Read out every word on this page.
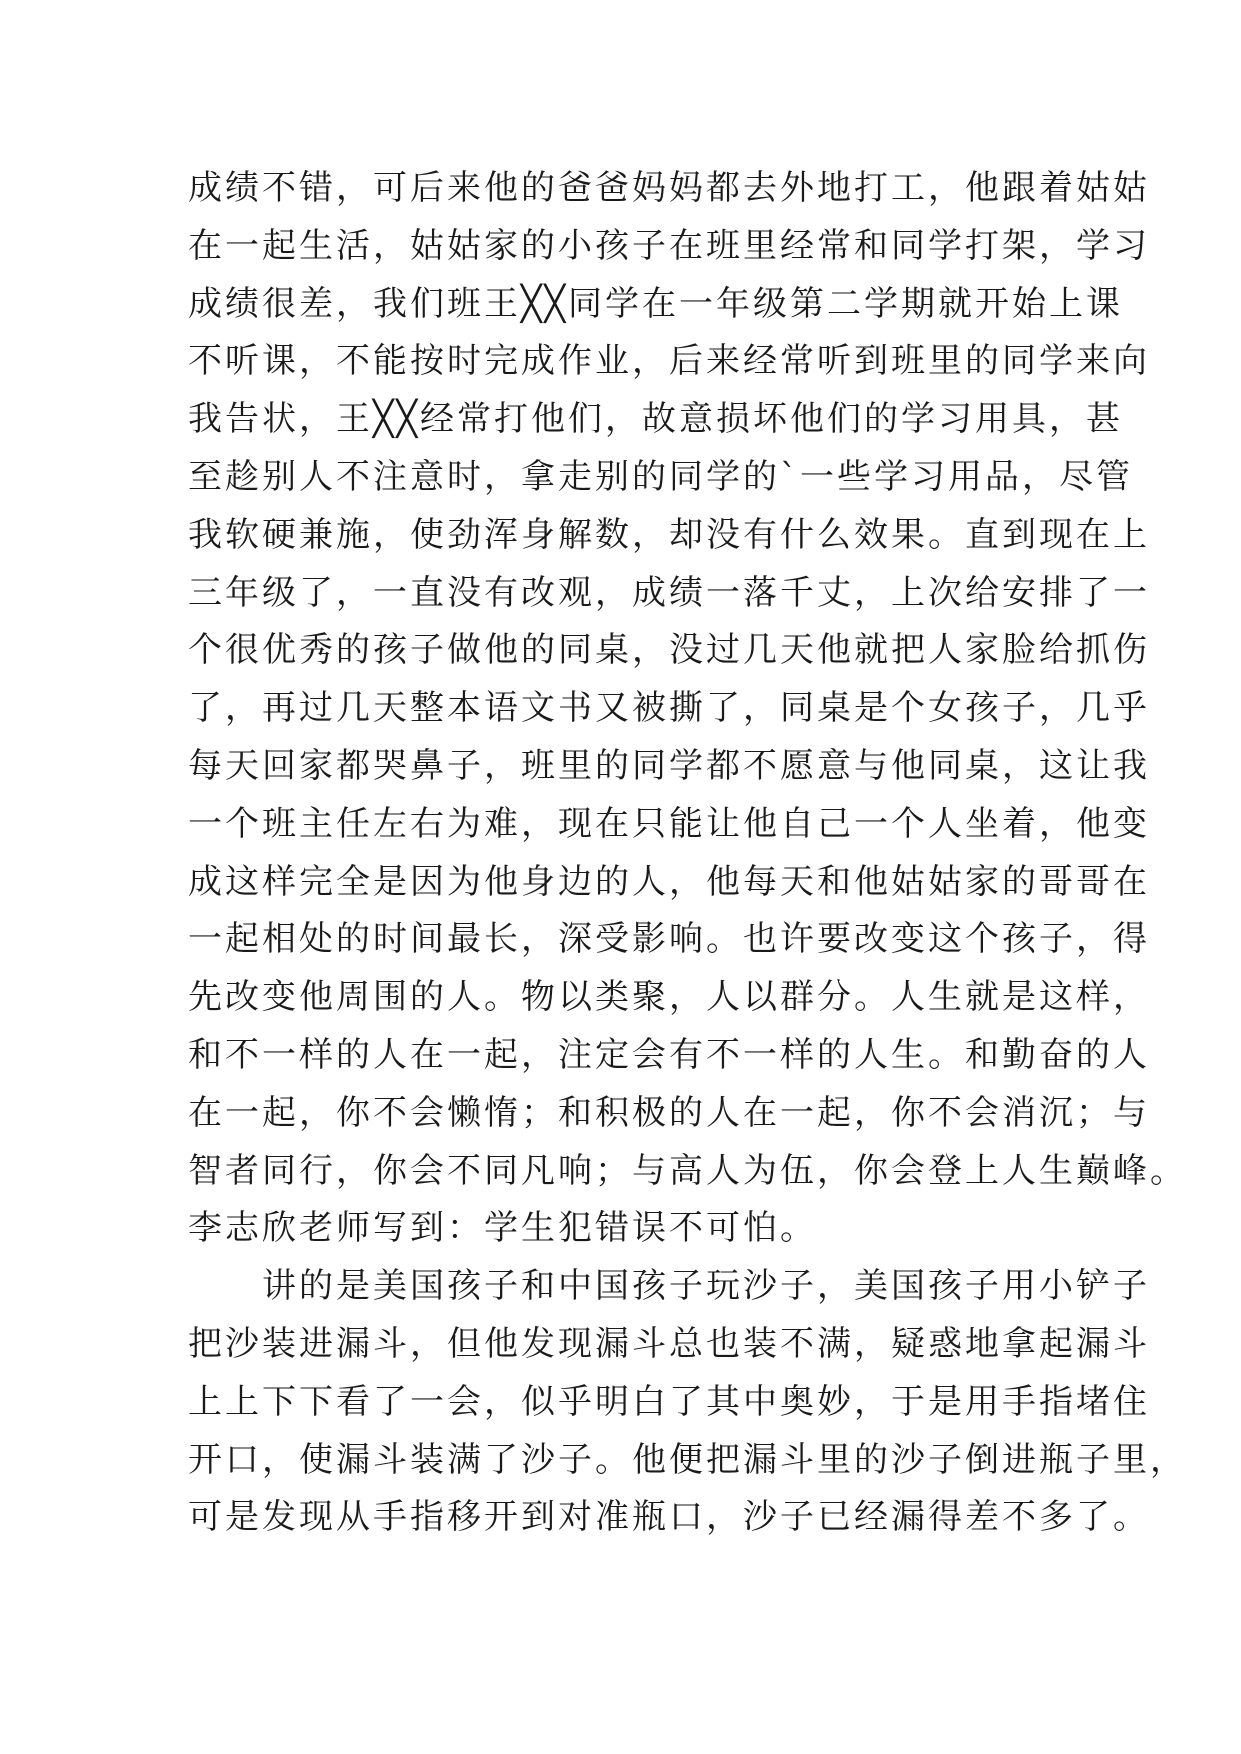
成绩不错，可后来他的爸爸妈妈都去外地打工，他跟着姑姑
在一起生活，姑姑家的小孩子在班里经常和同学打架，学习
成绩很差，我们班王╳╳同学在一年级第二学期就开始上课
不听课，不能按时完成作业，后来经常听到班里的同学来向
我告状，王╳╳经常打他们，故意损坏他们的学习用具，甚
至趁别人不注意时，拿走别的同学的`一些学习用品，尽管
我软硬兼施，使劲浑身解数，却没有什么效果。直到现在上
三年级了，一直没有改观，成绩一落千丈，上次给安排了一
个很优秀的孩子做他的同桌，没过几天他就把人家脸给抓伤
了，再过几天整本语文书又被撕了，同桌是个女孩子，几乎
每天回家都哭鼻子，班里的同学都不愿意与他同桌，这让我
一个班主任左右为难，现在只能让他自己一个人坐着，他变
成这样完全是因为他身边的人，他每天和他姑姑家的哥哥在
一起相处的时间最长，深受影响。也许要改变这个孩子，得
先改变他周围的人。物以类聚，人以群分。人生就是这样，
和不一样的人在一起，注定会有不一样的人生。和勤奋的人
在一起，你不会懒惰；和积极的人在一起，你不会消沉；与
智者同行，你会不同凡响；与高人为伍，你会登上人生巅峰。
李志欣老师写到：学生犯错误不可怕。
讲的是美国孩子和中国孩子玩沙子，美国孩子用小铲子
把沙装进漏斗，但他发现漏斗总也装不满，疑惑地拿起漏斗
上上下下看了一会，似乎明白了其中奥妙，于是用手指堵住
开口，使漏斗装满了沙子。他便把漏斗里的沙子倒进瓶子里，
可是发现从手指移开到对准瓶口，沙子已经漏得差不多了。
